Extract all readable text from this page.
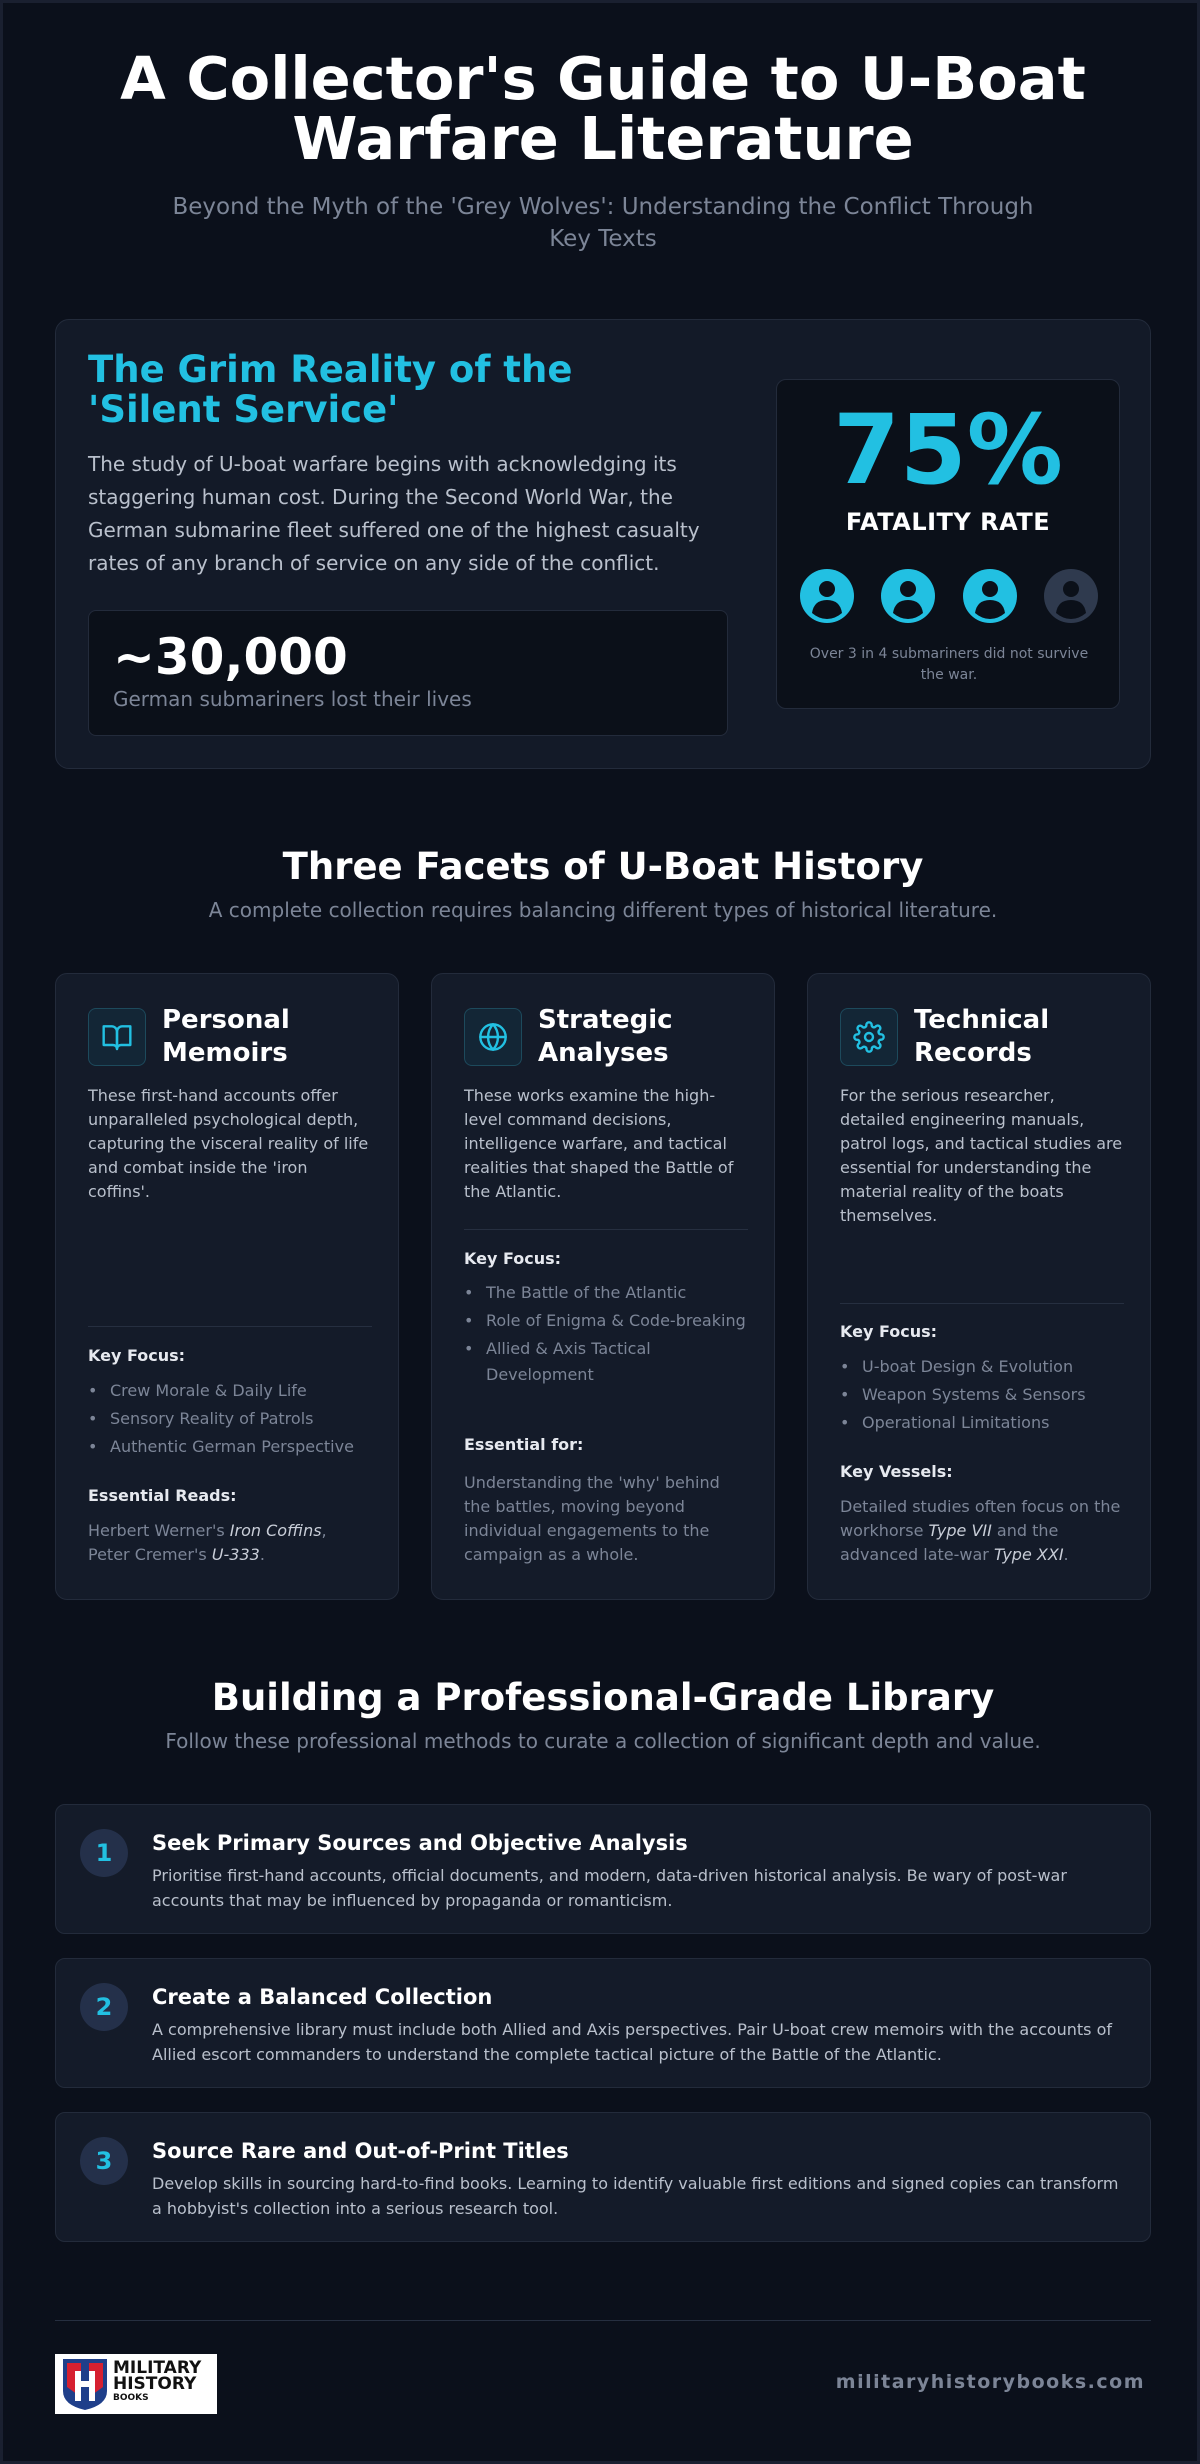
A Collector's Guide to U-Boat Warfare Literature

Beyond the Myth of the 'Grey Wolves': Understanding the Conflict Through Key Texts

The Grim Reality of the 'Silent Service'

The study of U-boat warfare begins with acknowledging its staggering human cost. During the Second World War, the German submarine fleet suffered one of the highest casualty rates of any branch of service on any side of the conflict.

~30,000
German submariners lost their lives
75%
FATALITY RATE
Over 3 in 4 submariners did not survive the war.
Three Facets of U-Boat History

A complete collection requires balancing different types of historical literature.

Personal Memoirs

These first-hand accounts offer unparalleled psychological depth, capturing the visceral reality of life and combat inside the 'iron coffins'.

Key Focus:
• Crew Morale & Daily Life
• Sensory Reality of Patrols
• Authentic German Perspective
Essential Reads:

Herbert Werner's Iron Coffins, Peter Cremer's U-333.

Strategic Analyses

These works examine the high-level command decisions, intelligence warfare, and tactical realities that shaped the Battle of the Atlantic.

Key Focus:
• The Battle of the Atlantic
• Role of Enigma & Code-breaking
• Allied & Axis Tactical Development
Essential for:

Understanding the 'why' behind the battles, moving beyond individual engagements to the campaign as a whole.

Technical Records

For the serious researcher, detailed engineering manuals, patrol logs, and tactical studies are essential for understanding the material reality of the boats themselves.

Key Focus:
• U-boat Design & Evolution
• Weapon Systems & Sensors
• Operational Limitations
Key Vessels:

Detailed studies often focus on the workhorse Type VII and the advanced late-war Type XXI.

Building a Professional-Grade Library

Follow these professional methods to curate a collection of significant depth and value.

1	Seek Primary Sources and Objective Analysis

Prioritise first-hand accounts, official documents, and modern, data-driven historical analysis. Be wary of post-war accounts that may be influenced by propaganda or romanticism.

2	Create a Balanced Collection

A comprehensive library must include both Allied and Axis perspectives. Pair U-boat crew memoirs with the accounts of Allied escort commanders to understand the complete tactical picture of the Battle of the Atlantic.

3	Source Rare and Out-of-Print Titles

Develop skills in sourcing hard-to-find books. Learning to identify valuable first editions and signed copies can transform a hobbyist's collection into a serious research tool.

MILITARY
HISTORY
BOOKS
militaryhistorybooks.com
